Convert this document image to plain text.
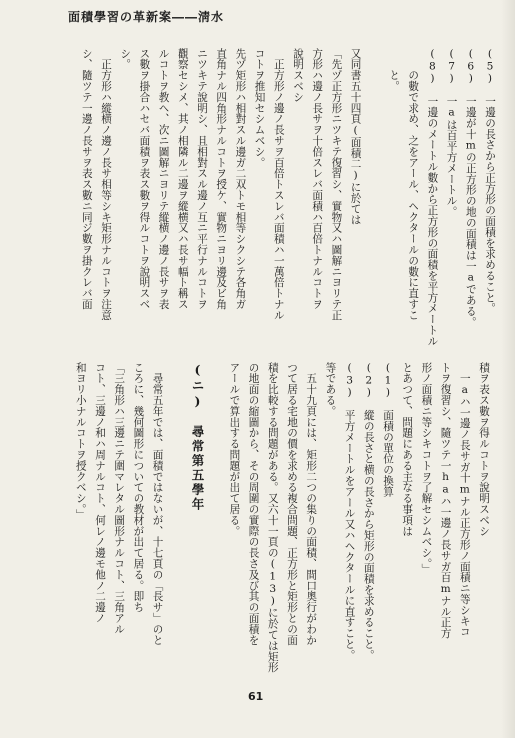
面積學習の革新案――淸水
(5)　一邊の長さから正方形の面積を求めること。
(6)　一邊が十mの正方形の地の面積は一aである。
(7)　一aは百平方メートル。
(8)　一邊のメートル數から正方形の面積を平方メートル
　　の數で求め、之をアール、ヘクタールの數に直すこ
　　と。
又同書五十四頁(面積二)に於ては
「先ヅ正方形ニツキテ復習シ、實物又ハ圖解ニヨリテ正
方形ハ邊ノ長サヲ十倍スレバ面積ハ百倍トナルコトヲ
說明スベシ
　正方形ノ邊ノ長サヲ百倍トスレバ面積ハ一萬倍トナル
コトヲ推知セシムベシ。
先ヅ矩形ハ相對スル邊ガ二双トモ相等シクシテ各角ガ
直角ナル四角形ナルコトヲ授ケ、實物ニヨリ邊及ビ角
ニツキテ說明シ、且相對スル邊ノ互ニ平行ナルコトヲ
觀察セシメ、其ノ相隣ル二邊ヲ縱横又ハ長サ幅ト稱ス
ルコトヲ教ヘ、次ニ圖解ニヨリテ縱横ノ邊ノ長サヲ表
ス數ヲ掛合ハセバ面積ヲ表ス數ヲ得ルコトヲ說明スベ
シ。
　正方形ハ縱横ノ邊ノ長サ相等シキ矩形ナルコトヲ注意
シ、隨ツテ一邊ノ長サヲ表ス數ニ同ジ數ヲ掛クレバ面
積ヲ表ス數ヲ得ルコトヲ說明スベシ
　一aハ一邊ノ長サガ十mナル正方形ノ面積ニ等シキコ
トヲ復習シ、隨ツテ一haハ一邊ノ長サガ百mナル正方
形ノ面積ニ等シキコトヲ了解セシムベシ。」
とあつて、問題にある主なる事項は
(1)　面積の單位の換算
(2)　縱の長さと横の長さから矩形の面積を求めること。
(3)　平方メートルをアール又ハヘクタールに直すこと。
等である。
　五十九頁には、矩形二つの集りの面積、間口奧行がわか
つて居る宅地の價を求める複合問題、正方形と矩形との面
積を比較する問題がある。又六十一頁の(13)に於ては矩形
の地面の縮圖から、その周圍の實際の長さ及び其の面積を
アールで算出する問題が出て居る。
(ニ)　尋常第五學年
　尋常五年では、面積ではないが、十七頁の「長サ」のと
ころに、幾何圖形についての教材が出て居る。即ち
「三角形ハ三邊ニテ圍マレタル圖形ナルコト、三角アル
コト、三邊ノ和ハ周ナルコト、何レノ邊モ他ノ二邊ノ
和ヨリ小ナルコトヲ授クベシ。」
61
